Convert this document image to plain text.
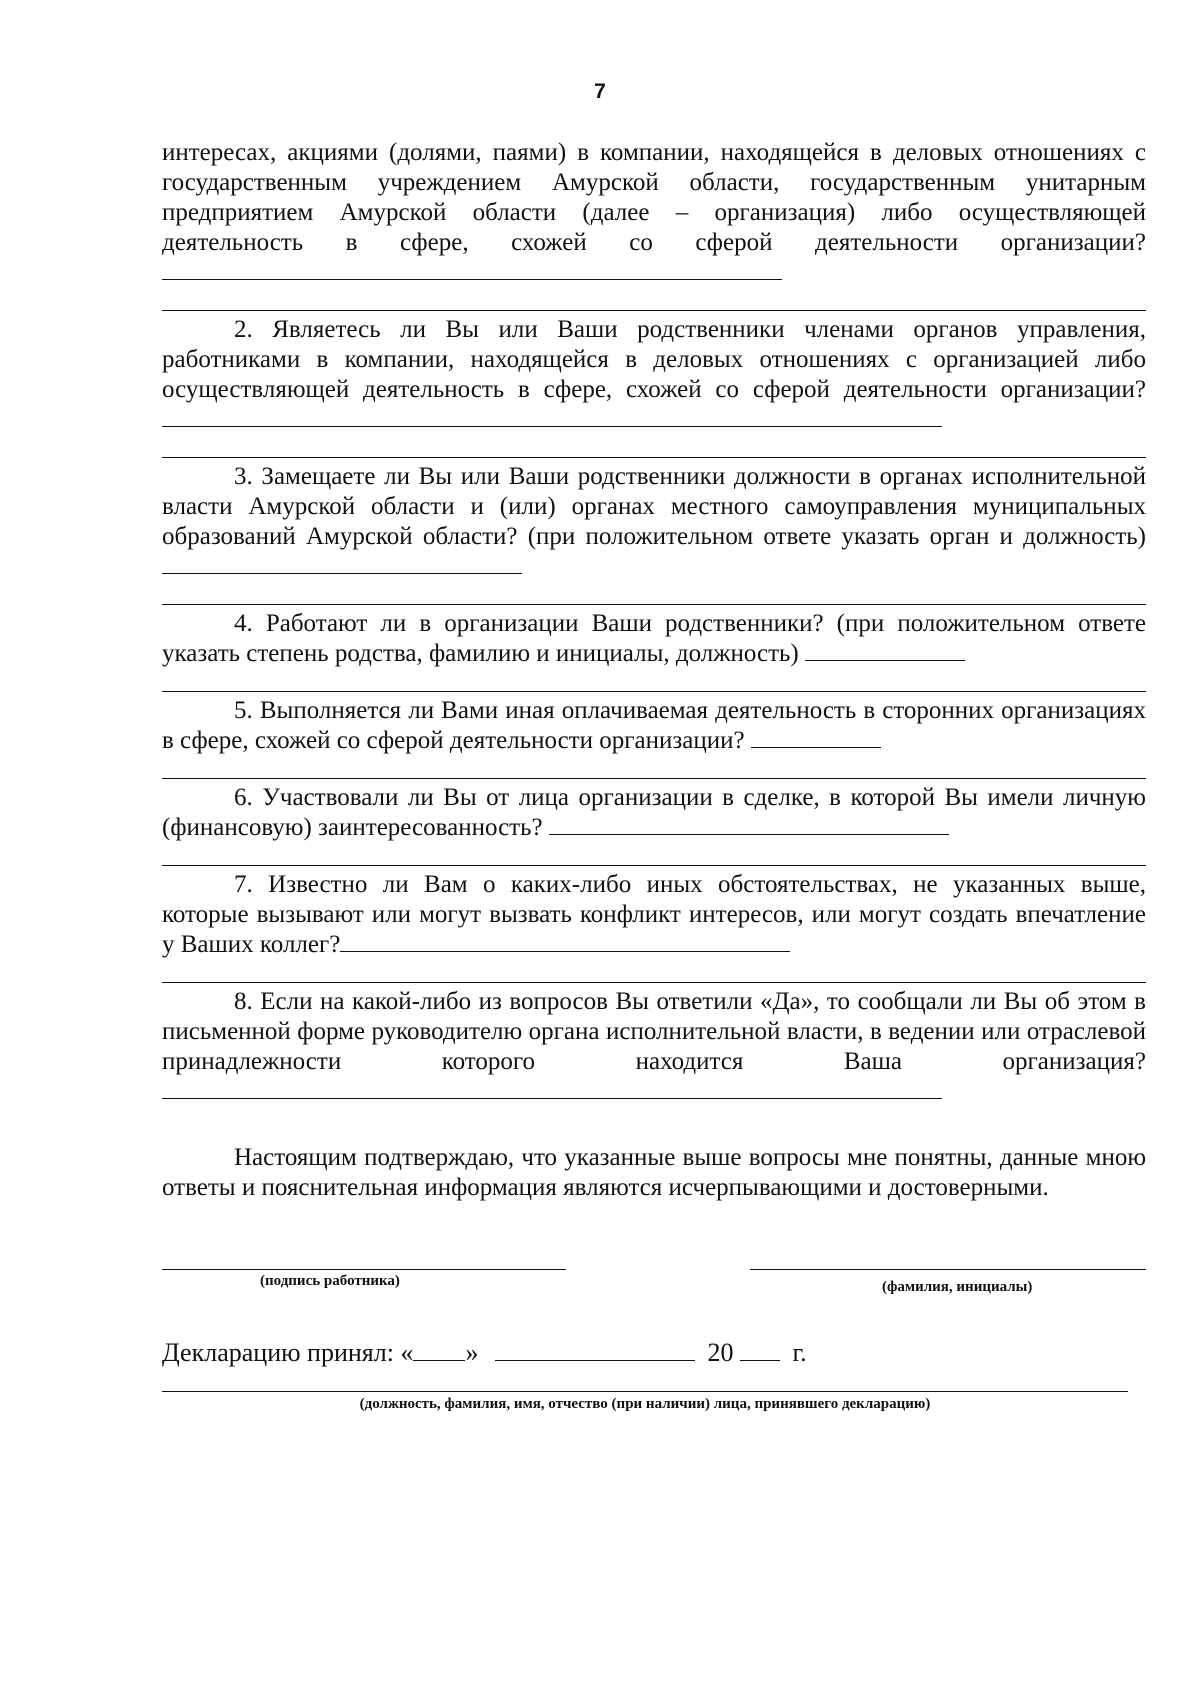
7

интересах, акциями (долями, паями) в компании, находящейся в деловых отношениях с государственным учреждением Амурской области, государственным унитарным предприятием Амурской области (далее – организация) либо осуществляющей деятельность в сфере, схожей со сферой деятельности организации?

2. Являетесь ли Вы или Ваши родственники членами органов управления, работниками в компании, находящейся в деловых отношениях с организацией либо осуществляющей деятельность в сфере, схожей со сферой деятельности организации?

3. Замещаете ли Вы или Ваши родственники должности в органах исполнительной власти Амурской области и (или) органах местного самоуправления муниципальных образований Амурской области? (при положительном ответе указать орган и должность)

4. Работают ли в организации Ваши родственники? (при положительном ответе указать степень родства, фамилию и инициалы, должность)

5. Выполняется ли Вами иная оплачиваемая деятельность в сторонних организациях в сфере, схожей со сферой деятельности организации?

6. Участвовали ли Вы от лица организации в сделке, в которой Вы имели личную (финансовую) заинтересованность?

7. Известно ли Вам о каких-либо иных обстоятельствах, не указанных выше, которые вызывают или могут вызвать конфликт интересов, или могут создать впечатление у Ваших коллег?

8. Если на какой-либо из вопросов Вы ответили «Да», то сообщали ли Вы об этом в письменной форме руководителю органа исполнительной власти, в ведении или отраслевой принадлежности которого находится Ваша организация?

Настоящим подтверждаю, что указанные выше вопросы мне понятны, данные мною ответы и пояснительная информация являются исчерпывающими и достоверными.

(подпись работника)	(фамилия, инициалы)
Декларацию принял: « »	20 г.
(должность, фамилия, имя, отчество (при наличии) лица, принявшего декларацию)
